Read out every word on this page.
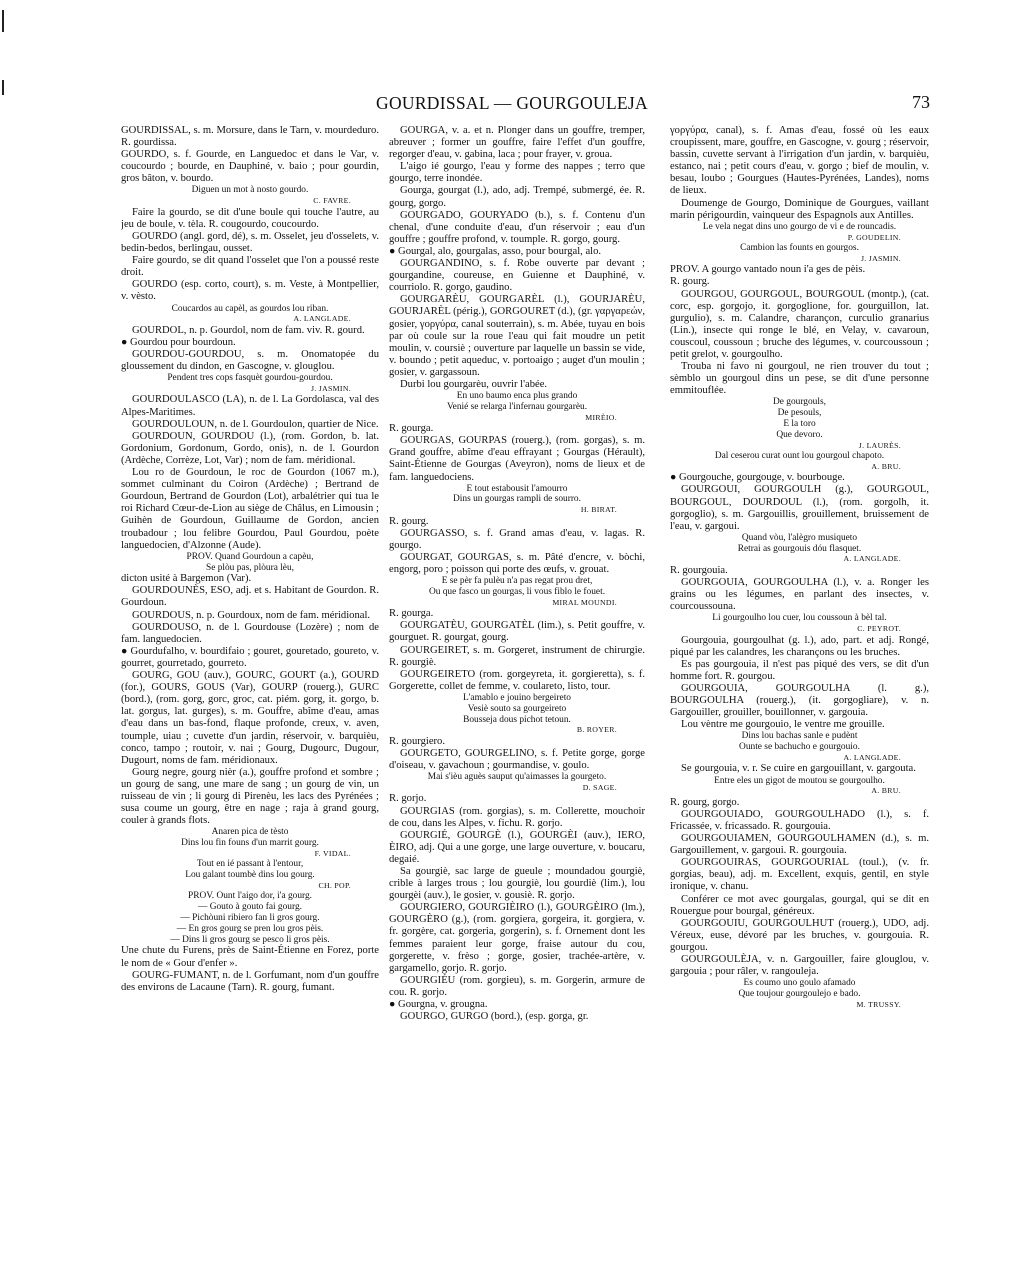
GOURDISSAL — GOURGOULEJA	73

GOURDISSAL, s. m. Morsure, dans le Tarn, v. mourdeduro. R. gourdissa.

GOURDO, s. f. Gourde, en Languedoc et dans le Var, v. coucourdo ; bourde, en Dauphiné, v. baio ; pour gourdin, gros bâton, v. bourdo.

Diguen un mot à nosto gourdo.

C. FAVRE.

Faire la gourdo, se dit d'une boule qui touche l'autre, au jeu de boule, v. tèla. R. cougourdo, coucourdo.

GOURDO (angl. gord, dé), s. m. Osselet, jeu d'osselets, v. bedin-bedos, berlingau, ousset.

Faire gourdo, se dit quand l'osselet que l'on a poussé reste droit.

GOURDO (esp. corto, court), s. m. Veste, à Montpellier, v. vèsto.

Coucardos au capèl, as gourdos lou riban.

A. LANGLADE.

GOURDOL, n. p. Gourdol, nom de fam. viv. R. gourd.

● Gourdou pour bourdoun.

GOURDOU-GOURDOU, s. m. Onomatopée du gloussement du dindon, en Gascogne, v. glouglou.

Pendent tres cops fasquèt gourdou-gourdou.

J. JASMIN.

GOURDOULASCO (LA), n. de l. La Gordolasca, val des Alpes-Maritimes.

GOURDOULOUN, n. de l. Gourdoulon, quartier de Nice.

GOURDOUN, GOURDOU (l.), (rom. Gordon, b. lat. Gordonium, Gordonum, Gordo, onis), n. de l. Gourdon (Ardèche, Corrèze, Lot, Var) ; nom de fam. méridional.

Lou ro de Gourdoun, le roc de Gourdon (1067 m.), sommet culminant du Coiron (Ardèche) ; Bertrand de Gourdoun, Bertrand de Gourdon (Lot), arbalétrier qui tua le roi Richard Cœur-de-Lion au siège de Châlus, en Limousin ; Guihèn de Gourdoun, Guillaume de Gordon, ancien troubadour ; lou felibre Gourdou, Paul Gourdou, poète languedocien, d'Alzonne (Aude).

PROV. Quand Gourdoun a capèu,

Se plòu pas, plòura lèu,

dicton usité à Bargemon (Var).

GOURDOUNÈS, ESO, adj. et s. Habitant de Gourdon. R. Gourdoun.

GOURDOUS, n. p. Gourdoux, nom de fam. méridional.

GOURDOUSO, n. de l. Gourdouse (Lozère) ; nom de fam. languedocien.

● Gourdufalho, v. bourdifaio ; gouret, gouretado, goureto, v. gourret, gourretado, gourreto.

GOURG, GOU (auv.), GOURC, GOURT (a.), GOURD (for.), GOURS, GOUS (Var), GOURP (rouerg.), GURC (bord.), (rom. gorg, gorc, groc, cat. piém. gorg, it. gorgo, b. lat. gorgus, lat. gurges), s. m. Gouffre, abîme d'eau, amas d'eau dans un bas-fond, flaque profonde, creux, v. aven, toumple, uiau ; cuvette d'un jardin, réservoir, v. barquièu, conco, tampo ; routoir, v. nai ; Gourg, Dugourc, Dugour, Dugourt, noms de fam. méridionaux.

Gourg negre, gourg nièr (a.), gouffre profond et sombre ; un gourg de sang, une mare de sang ; un gourg de vin, un ruisseau de vin ; li gourg di Pirenèu, les lacs des Pyrénées ; susa coume un gourg, être en nage ; raja à grand gourg, couler à grands flots.

Anaren pica de tèsto

Dins lou fin founs d'un marrit gourg.

F. VIDAL.

Tout en ié passant à l'entour,

Lou galant toumbè dins lou gourg.

CH. POP.

PROV. Ount l'aigo dor, i'a gourg.

— Gouto à gouto fai gourg.

— Pichòuni ribiero fan li gros gourg.

— En gros gourg se pren lou gros pèis.

— Dins li gros gourg se pesco li gros pèis.

Une chute du Furens, près de Saint-Étienne en Forez, porte le nom de « Gour d'enfer ».

GOURG-FUMANT, n. de l. Gorfumant, nom d'un gouffre des environs de Lacaune (Tarn). R. gourg, fumant.

GOURGA, v. a. et n. Plonger dans un gouffre, tremper, abreuver ; former un gouffre, faire l'effet d'un gouffre, regorger d'eau, v. gabina, laca ; pour frayer, v. groua.

L'aigo ié gourgo, l'eau y forme des nappes ; terro que gourgo, terre inondée.

Gourga, gourgat (l.), ado, adj. Trempé, submergé, ée. R. gourg, gorgo.

GOURGADO, GOURYADO (b.), s. f. Contenu d'un chenal, d'une conduite d'eau, d'un réservoir ; eau d'un gouffre ; gouffre profond, v. toumple. R. gorgo, gourg.

● Gourgal, alo, gourgalas, asso, pour bourgal, alo.

GOURGANDINO, s. f. Robe ouverte par devant ; gourgandine, coureuse, en Guienne et Dauphiné, v. courriolo. R. gorgo, gaudino.

GOURGARÈU, GOURGARÈL (l.), GOURJARÈU, GOURJARÈL (périg.), GORGOURET (d.), (gr. γαργαρεών, gosier, γοργύρα, canal souterrain), s. m. Abée, tuyau en bois par où coule sur la roue l'eau qui fait moudre un petit moulin, v. coursiè ; ouverture par laquelle un bassin se vide, v. boundo ; petit aqueduc, v. portoaigo ; auget d'un moulin ; gosier, v. gargassoun.

Durbi lou gourgarèu, ouvrir l'abée.

En uno baumo enca plus grando

Venié se relarga l'infernau gourgarèu.

MIRÈIO.

R. gourga.

GOURGAS, GOURPAS (rouerg.), (rom. gorgas), s. m. Grand gouffre, abîme d'eau effrayant ; Gourgas (Hérault), Saint-Étienne de Gourgas (Aveyron), noms de lieux et de fam. languedociens.

E tout estabousit l'amourro

Dins un gourgas rampli de sourro.

H. BIRAT.

R. gourg.

GOURGASSO, s. f. Grand amas d'eau, v. lagas. R. gourgo.

GOURGAT, GOURGAS, s. m. Pâté d'encre, v. bòchi, engorg, poro ; poisson qui porte des œufs, v. grouat.

E se pèr fa pulèu n'a pas regat prou dret,

Ou que fasco un gourgas, li vous fiblo le fouet.

MIRAL MOUNDI.

R. gourga.

GOURGATÈU, GOURGATÈL (lim.), s. Petit gouffre, v. gourguet. R. gourgat, gourg.

GOURGEIRET, s. m. Gorgeret, instrument de chirurgie. R. gourgiè.

GOURGEIRETO (rom. gorgeyreta, it. gorgieretta), s. f. Gorgerette, collet de femme, v. coulareto, listo, tour.

L'amablo e jouino bergeireto

Vesiè souto sa gourgeireto

Bousseja dous pichot tetoun.

B. ROYER.

R. gourgiero.

GOURGETO, GOURGELINO, s. f. Petite gorge, gorge d'oiseau, v. gavachoun ; gourmandise, v. goulo.

Mai s'ièu aguès sauput qu'aimasses la gourgeto.

D. SAGE.

R. gorjo.

GOURGIAS (rom. gorgias), s. m. Collerette, mouchoir de cou, dans les Alpes, v. fichu. R. gorjo.

GOURGIÉ, GOURGÈ (l.), GOURGÈI (auv.), IERO, ÈIRO, adj. Qui a une gorge, une large ouverture, v. boucaru, degaié.

Sa gourgiè, sac large de gueule ; moundadou gourgiè, crible à larges trous ; lou gourgiè, lou gourdiè (lim.), lou gourgèi (auv.), le gosier, v. gousiè. R. gorjo.

GOURGIERO, GOURGIÈIRO (l.), GOURGÈIRO (lm.), GOURGÈRO (g.), (rom. gorgiera, gorgeira, it. gorgiera, v. fr. gorgère, cat. gorgeria, gorgerin), s. f. Ornement dont les femmes paraient leur gorge, fraise autour du cou, gorgerette, v. frèso ; gorge, gosier, trachée-artère, v. gargamello, gorjo. R. gorjo.

GOURGIÉU (rom. gorgieu), s. m. Gorgerin, armure de cou. R. gorjo.

● Gourgna, v. grougna.

GOURGO, GURGO (bord.), (esp. gorga, gr.

γοργύρα, canal), s. f. Amas d'eau, fossé où les eaux croupissent, mare, gouffre, en Gascogne, v. gourg ; réservoir, bassin, cuvette servant à l'irrigation d'un jardin, v. barquièu, estanco, nai ; petit cours d'eau, v. gorgo ; bief de moulin, v. besau, loubo ; Gourgues (Hautes-Pyrénées, Landes), noms de lieux.

Doumenge de Gourgo, Dominique de Gourgues, vaillant marin périgourdin, vainqueur des Espagnols aux Antilles.

Le vela negat dins uno gourgo de vi e de rouncadis.

P. GOUDELIN.

Cambion las founts en gourgos.

J. JASMIN.

PROV. A gourgo vantado noun i'a ges de pèis.

R. gourg.

GOURGOU, GOURGOUL, BOURGOUL (montp.), (cat. corc, esp. gorgojo, it. gorgoglione, for. gourguillon, lat. gurgulio), s. m. Calandre, charançon, curculio granarius (Lin.), insecte qui ronge le blé, en Velay, v. cavaroun, couscoul, coussoun ; bruche des légumes, v. courcoussoun ; petit grelot, v. gourgoulho.

Trouba ni favo ni gourgoul, ne rien trouver du tout ; sèmblo un gourgoul dins un pese, se dit d'une personne emmitouflée.

De gourgouls,

De pesouls,

E la toro

Que devoro.

J. LAURÈS.

Dal ceserou curat ount lou gourgoul chapoto.

A. BRU.

● Gourgouche, gourgouge, v. bourbouge.

GOURGOUI, GOURGOULH (g.), GOURGOUL, BOURGOUL, DOURDOUL (l.), (rom. gorgolh, it. gorgoglio), s. m. Gargouillis, grouillement, bruissement de l'eau, v. gargoui.

Quand vòu, l'alègro musiqueto

Retrai as gourgouis dóu flasquet.

A. LANGLADE.

R. gourgouia.

GOURGOUIA, GOURGOULHA (l.), v. a. Ronger les grains ou les légumes, en parlant des insectes, v. courcoussouna.

Li gourgoulho lou cuer, lou coussoun à bèl tal.

C. PEYROT.

Gourgouia, gourgoulhat (g. l.), ado, part. et adj. Rongé, piqué par les calandres, les charançons ou les bruches.

Es pas gourgouia, il n'est pas piqué des vers, se dit d'un homme fort. R. gourgou.

GOURGOUIA, GOURGOULHA (l. g.), BOURGOULHA (rouerg.), (it. gorgogliare), v. n. Gargouiller, grouiller, bouillonner, v. gargouia.

Lou vèntre me gourgouio, le ventre me grouille.

Dins lou bachas sanle e pudènt

Ounte se bachucho e gourgouio.

A. LANGLADE.

Se gourgouia, v. r. Se cuire en gargouillant, v. gargouta.

Entre eles un gigot de moutou se gourgoulho.

A. BRU.

R. gourg, gorgo.

GOURGOUIADO, GOURGOULHADO (l.), s. f. Fricassée, v. fricassado. R. gourgouia.

GOURGOUIAMEN, GOURGOULHAMEN (d.), s. m. Gargouillement, v. gargoui. R. gourgouia.

GOURGOUIRAS, GOURGOURIAL (toul.), (v. fr. gorgias, beau), adj. m. Excellent, exquis, gentil, en style ironique, v. chanu.

Conférer ce mot avec gourgalas, gourgal, qui se dit en Rouergue pour bourgal, généreux.

GOURGOUIU, GOURGOULHUT (rouerg.), UDO, adj. Véreux, euse, dévoré par les bruches, v. gourgouia. R. gourgou.

GOURGOULÈJA, v. n. Gargouiller, faire glouglou, v. gargouia ; pour râler, v. rangouleja.

Es coumo uno goulo afamado

Que toujour gourgoulejo e bado.

M. TRUSSY.
